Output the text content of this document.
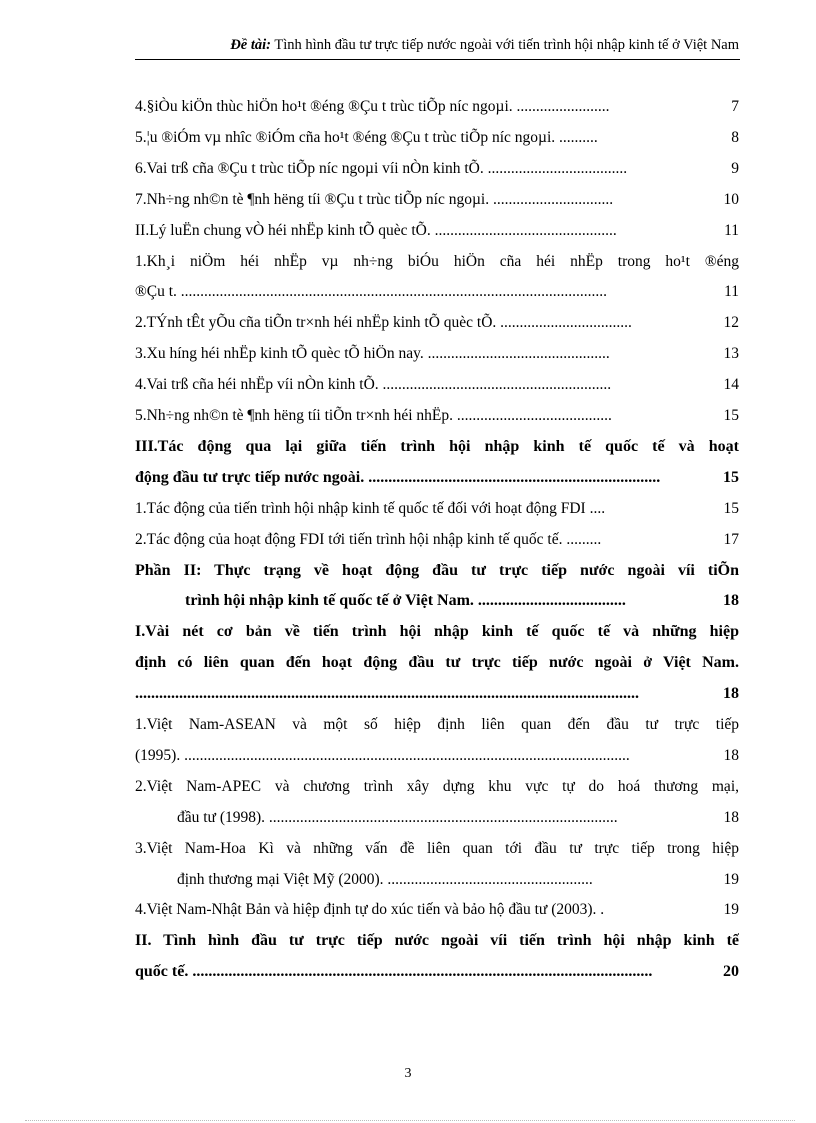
Đề tài: Tình hình đầu tư trực tiếp nước ngoài với tiến trình hội nhập kinh tế ở Việt Nam
4.§iÒu kiÖn thùc hiÖn ho¹t ®éng ®Çu t trùc tiÕp níc ngoµi. ........................	7
5.¦u ®iÓm vµ nhîc ®iÓm cña ho¹t ®éng ®Çu t trùc tiÕp níc ngoµi. ..........	8
6.Vai trß cña ®Çu t trùc tiÕp níc ngoµi víi nÒn kinh tÕ. ....................................	9
7.Nh÷ng nh©n tè ¶nh hëng tíi ®Çu t trùc tiÕp níc ngoµi. ...............................	10
II.Lý luËn chung vÒ héi nhËp kinh tÕ quèc tÕ. ...............................................	11
1.Kh¸i niÖm héi nhËp vµ nh÷ng biÓu hiÖn cña héi nhËp trong ho¹t ®éng
®Çu t. ..............................................................................................................	11
2.TÝnh tÊt yÕu cña tiÕn tr×nh héi nhËp kinh tÕ quèc tÕ. ..................................	12
3.Xu híng héi nhËp kinh tÕ quèc tÕ hiÖn nay. ...............................................	13
4.Vai trß cña héi nhËp víi nÒn kinh tÕ. ...........................................................	14
5.Nh÷ng nh©n tè ¶nh hëng tíi tiÕn tr×nh héi nhËp. ........................................	15
III.Tác động qua lại giữa tiến trình hội nhập kinh tế quốc tế và hoạt
động đầu tư trực tiếp nước ngoài. .........................................................................	15
1.Tác động của tiến trình hội nhập kinh tế quốc tế đối với hoạt động FDI ....	15
2.Tác động của hoạt động FDI tới tiến trình hội nhập kinh tế quốc tế. .........	17
Phần II: Thực trạng về hoạt động đầu tư trực tiếp nước ngoài víi tiÕn
trình hội nhập kinh tế quốc tế ở Việt Nam. .....................................	18
I.Vài nét cơ bản về tiến trình hội nhập kinh tế quốc tế và những hiệp
định có liên quan đến hoạt động đầu tư trực tiếp nước ngoài ở Việt Nam.
..............................................................................................................................	18
1.Việt Nam-ASEAN và một số hiệp định liên quan đến đầu tư trực tiếp
(1995). ...................................................................................................................	18
2.Việt Nam-APEC và chương trình xây dựng khu vực tự do hoá thương mại,
đầu tư (1998). ..........................................................................................	18
3.Việt Nam-Hoa Kì và những vấn đề liên quan tới đầu tư trực tiếp trong hiệp
định thương mại Việt Mỹ (2000). .....................................................	19
4.Việt Nam-Nhật Bản và hiệp định tự do xúc tiến và bảo hộ đầu tư (2003). .	19
II. Tình hình đầu tư trực tiếp nước ngoài víi tiến trình hội nhập kinh tế
quốc tế. ...................................................................................................................	20
3
